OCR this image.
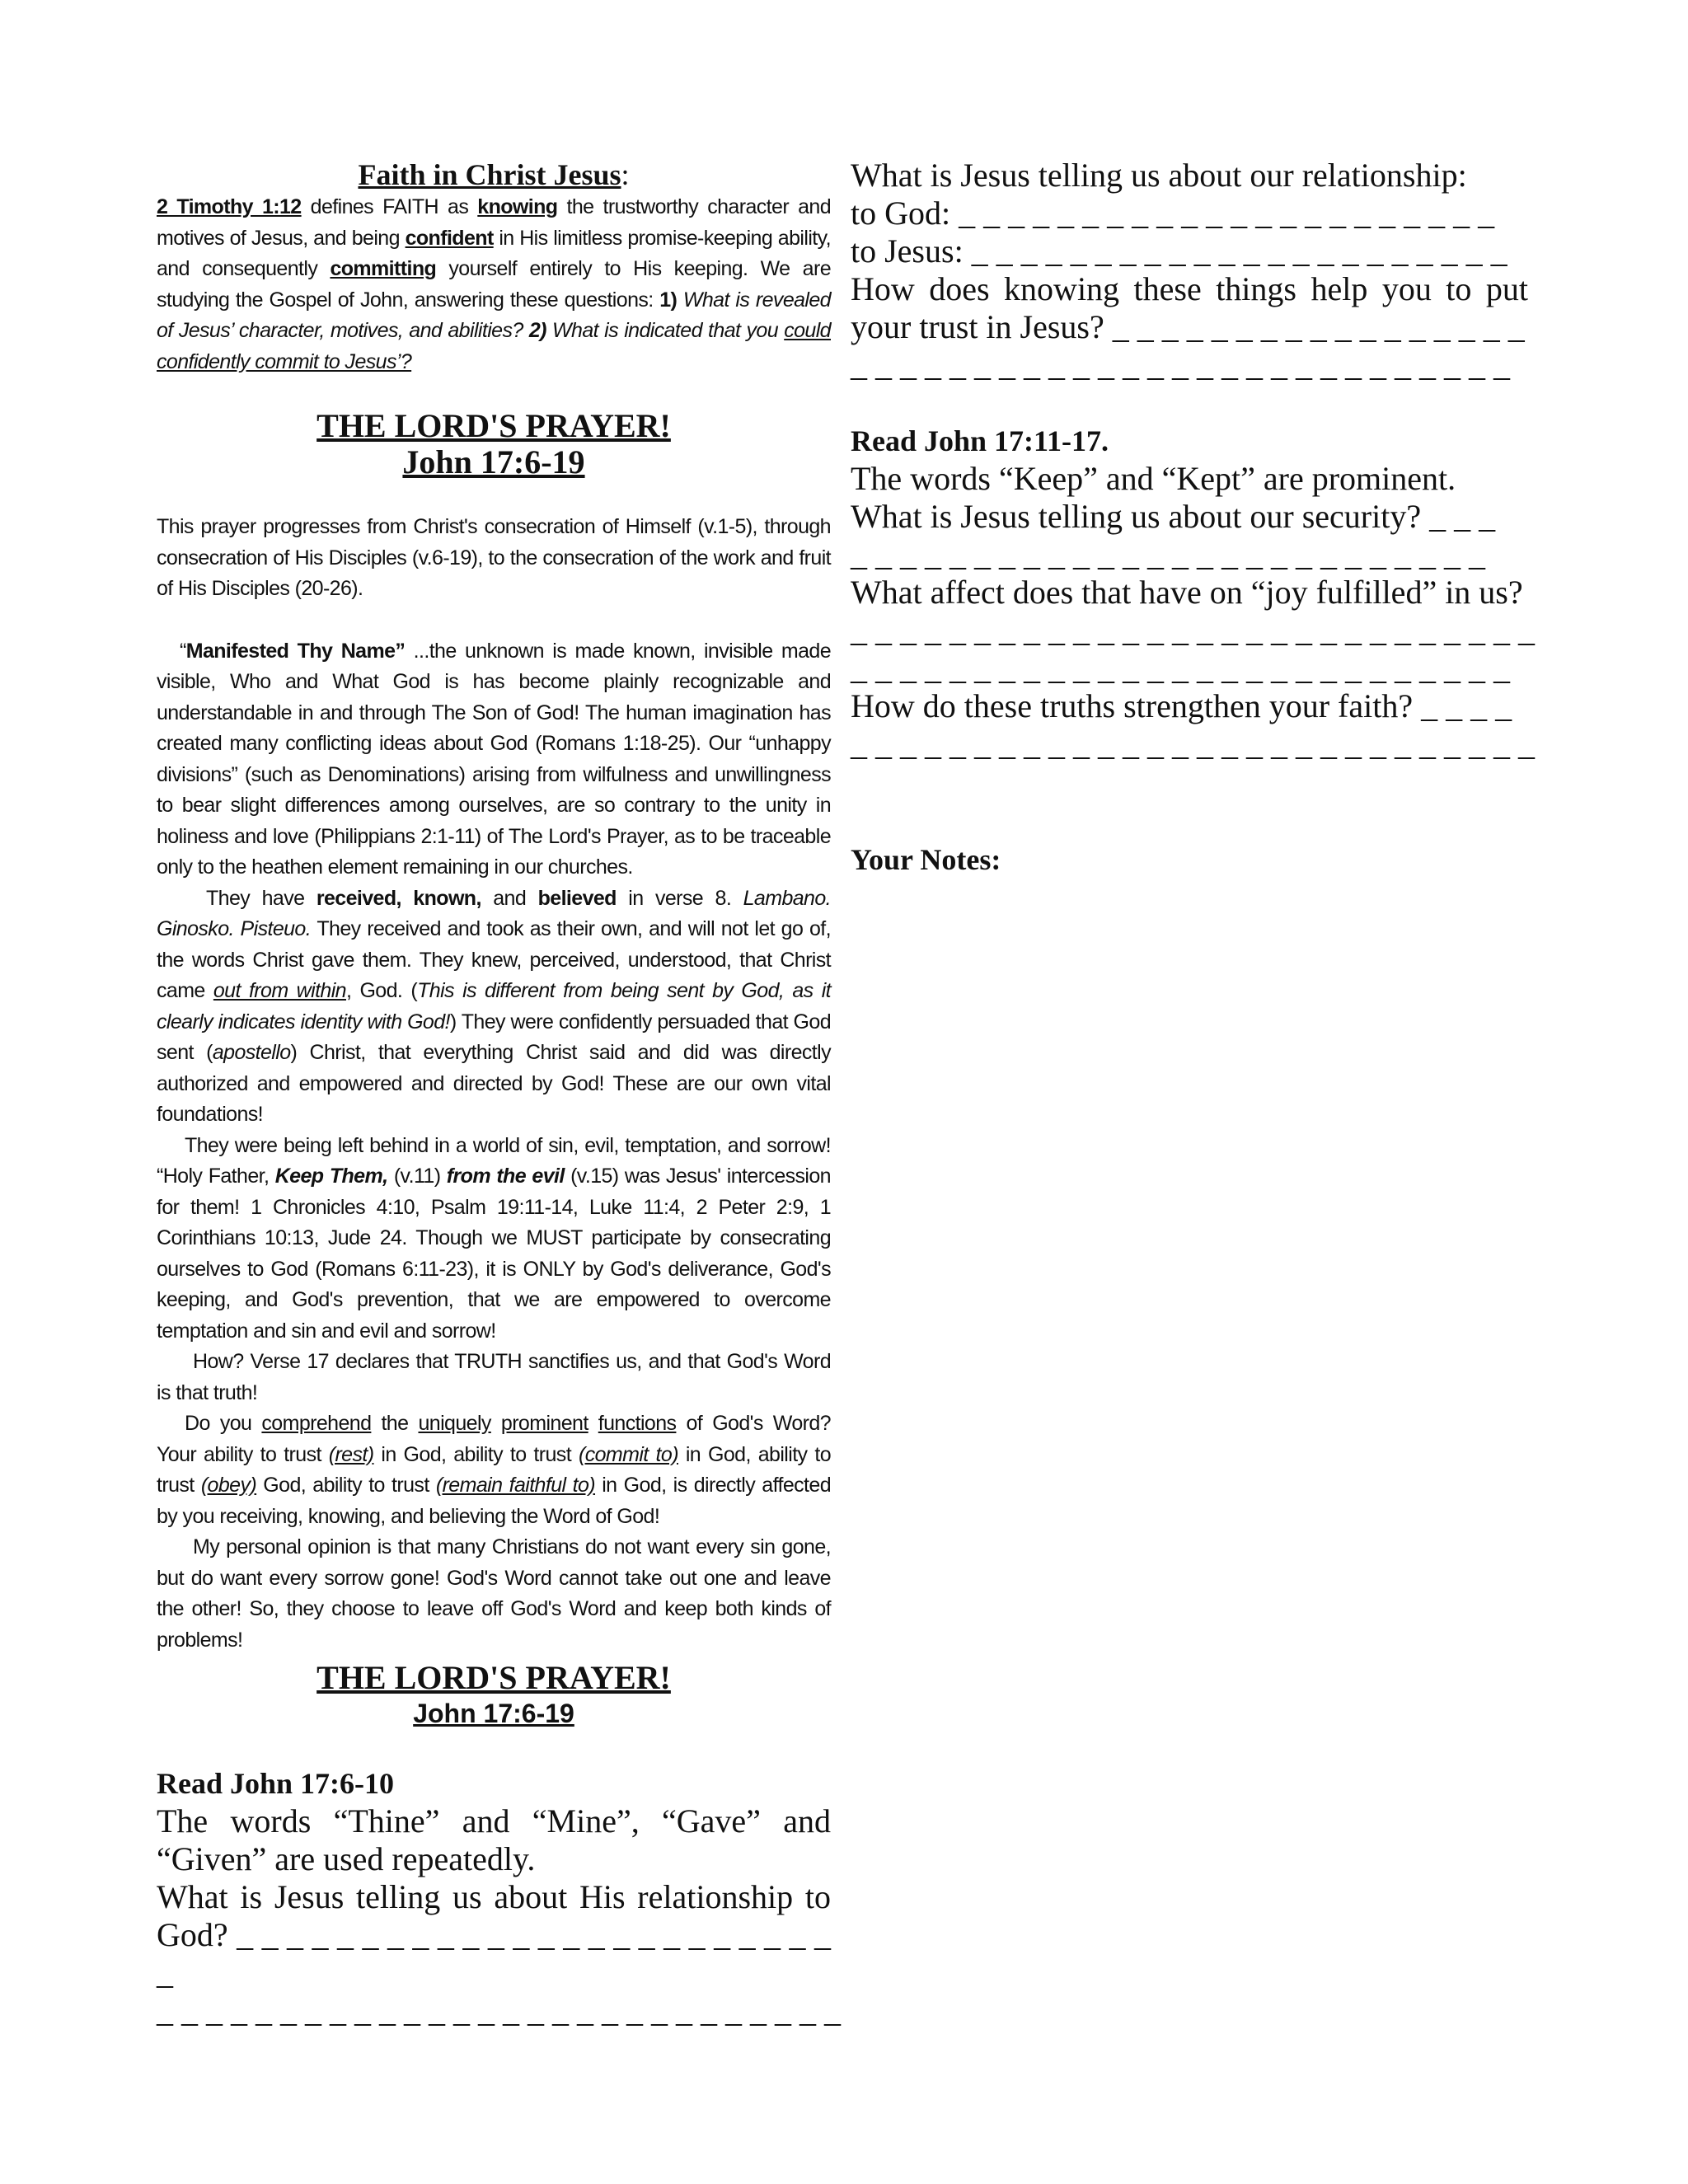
Faith in Christ Jesus:

2 Timothy 1:12 defines FAITH as knowing the trustworthy character and motives of Jesus, and being confident in His limitless promise-keeping ability, and consequently committing yourself entirely to His keeping. We are studying the Gospel of John, answering these questions: 1) What is revealed of Jesus’ character, motives, and abilities? 2) What is indicated that you could confidently commit to Jesus’?

THE LORD'S PRAYER!
John 17:6-19

This prayer progresses from Christ's consecration of Himself (v.1-5), through consecration of His Disciples (v.6-19), to the consecration of the work and fruit of His Disciples (20-26).

“Manifested Thy Name” ...the unknown is made known, invisible made visible, Who and What God is has become plainly recognizable and understandable in and through The Son of God! The human imagination has created many conflicting ideas about God (Romans 1:18-25). Our “unhappy divisions” (such as Denominations) arising from wilfulness and unwillingness to bear slight differences among ourselves, are so contrary to the unity in holiness and love (Philippians 2:1-11) of The Lord's Prayer, as to be traceable only to the heathen element remaining in our churches.

They have received, known, and believed in verse 8. Lambano. Ginosko. Pisteuo. They received and took as their own, and will not let go of, the words Christ gave them. They knew, perceived, understood, that Christ came out from within, God. (This is different from being sent by God, as it clearly indicates identity with God!) They were confidently persuaded that God sent (apostello) Christ, that everything Christ said and did was directly authorized and empowered and directed by God! These are our own vital foundations!

They were being left behind in a world of sin, evil, temptation, and sorrow! “Holy Father, Keep Them, (v.11) from the evil (v.15) was Jesus' intercession for them! 1 Chronicles 4:10, Psalm 19:11-14, Luke 11:4, 2 Peter 2:9, 1 Corinthians 10:13, Jude 24. Though we MUST participate by consecrating ourselves to God (Romans 6:11-23), it is ONLY by God's deliverance, God's keeping, and God's prevention, that we are empowered to overcome temptation and sin and evil and sorrow!

How? Verse 17 declares that TRUTH sanctifies us, and that God's Word is that truth!

Do you comprehend the uniquely prominent functions of God's Word? Your ability to trust (rest) in God, ability to trust (commit to) in God, ability to trust (obey) God, ability to trust (remain faithful to) in God, is directly affected by you receiving, knowing, and believing the Word of God!

My personal opinion is that many Christians do not want every sin gone, but do want every sorrow gone! God's Word cannot take out one and leave the other! So, they choose to leave off God's Word and keep both kinds of problems!

THE LORD'S PRAYER!
John 17:6-19

Read John 17:6-10

The words “Thine” and “Mine”, “Gave” and “Given” are used repeatedly.

What is Jesus telling us about His relationship to God? _ _ _ _ _ _ _ _ _ _ _ _ _ _ _ _ _ _ _ _ _ _ _ _ _

_ _ _ _ _ _ _ _ _ _ _ _ _ _ _ _ _ _ _ _ _ _ _ _ _ _ _ _

What is Jesus telling us about our relationship:

to God: _ _ _ _ _ _ _ _ _ _ _ _ _ _ _ _ _ _ _ _ _ _

to Jesus: _ _ _ _ _ _ _ _ _ _ _ _ _ _ _ _ _ _ _ _ _ _

How does knowing these things help you to put your trust in Jesus? _ _ _ _ _ _ _ _ _ _ _ _ _ _ _ _ _

_ _ _ _ _ _ _ _ _ _ _ _ _ _ _ _ _ _ _ _ _ _ _ _ _ _ _

Read John 17:11-17.

The words “Keep” and “Kept” are prominent.

What is Jesus telling us about our security? _ _ _

_ _ _ _ _ _ _ _ _ _ _ _ _ _ _ _ _ _ _ _ _ _ _ _ _ _

What affect does that have on “joy fulfilled” in us?

_ _ _ _ _ _ _ _ _ _ _ _ _ _ _ _ _ _ _ _ _ _ _ _ _ _ _ _

_ _ _ _ _ _ _ _ _ _ _ _ _ _ _ _ _ _ _ _ _ _ _ _ _ _ _

How do these truths strengthen your faith? _ _ _ _

_ _ _ _ _ _ _ _ _ _ _ _ _ _ _ _ _ _ _ _ _ _ _ _ _ _ _ _

Your Notes:
